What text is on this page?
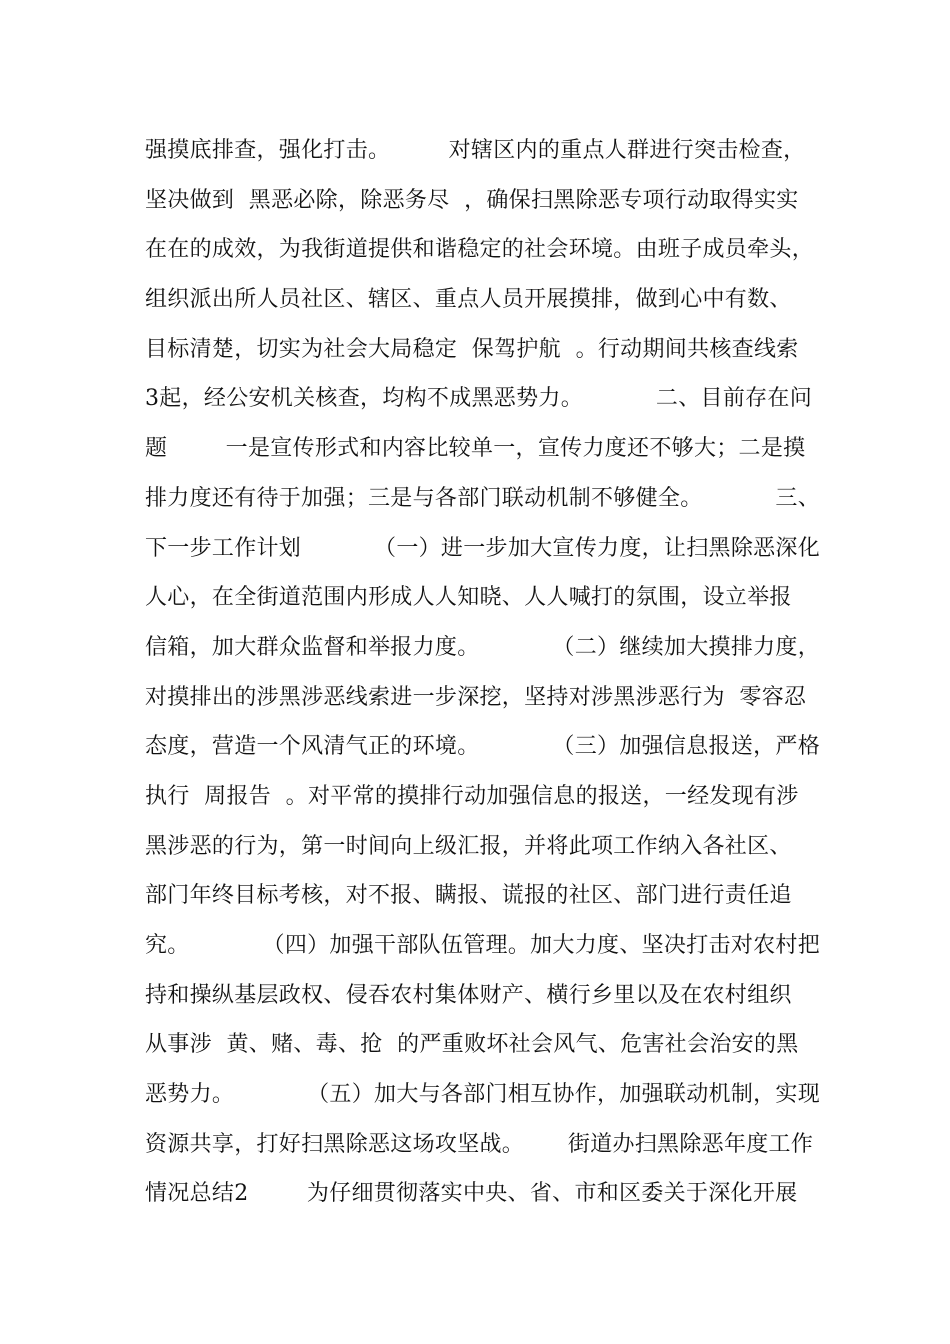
强摸底排查，强化打击。        对辖区内的重点人群进行突击检查，
坚决做到  黑恶必除，除恶务尽  ，确保扫黑除恶专项行动取得实实
在在的成效，为我街道提供和谐稳定的社会环境。由班子成员牵头，
组织派出所人员社区、辖区、重点人员开展摸排，做到心中有数、
目标清楚，切实为社会大局稳定  保驾护航  。行动期间共核查线索
3起，经公安机关核查，均构不成黑恶势力。          二、目前存在问
题        一是宣传形式和内容比较单一，宣传力度还不够大；二是摸
排力度还有待于加强；三是与各部门联动机制不够健全。          三、
下一步工作计划          （一）进一步加大宣传力度，让扫黑除恶深化
人心，在全街道范围内形成人人知晓、人人喊打的氛围，设立举报
信箱，加大群众监督和举报力度。          （二）继续加大摸排力度，
对摸排出的涉黑涉恶线索进一步深挖，坚持对涉黑涉恶行为  零容忍
态度，营造一个风清气正的环境。          （三）加强信息报送，严格
执行  周报告  。对平常的摸排行动加强信息的报送，一经发现有涉
黑涉恶的行为，第一时间向上级汇报，并将此项工作纳入各社区、
部门年终目标考核，对不报、瞒报、谎报的社区、部门进行责任追
究。          （四）加强干部队伍管理。加大力度、坚决打击对农村把
持和操纵基层政权、侵吞农村集体财产、横行乡里以及在农村组织
从事涉  黄、赌、毒、抢  的严重败坏社会风气、危害社会治安的黑
恶势力。          （五）加大与各部门相互协作，加强联动机制，实现
资源共享，打好扫黑除恶这场攻坚战。      街道办扫黑除恶年度工作
情况总结2        为仔细贯彻落实中央、省、市和区委关于深化开展
